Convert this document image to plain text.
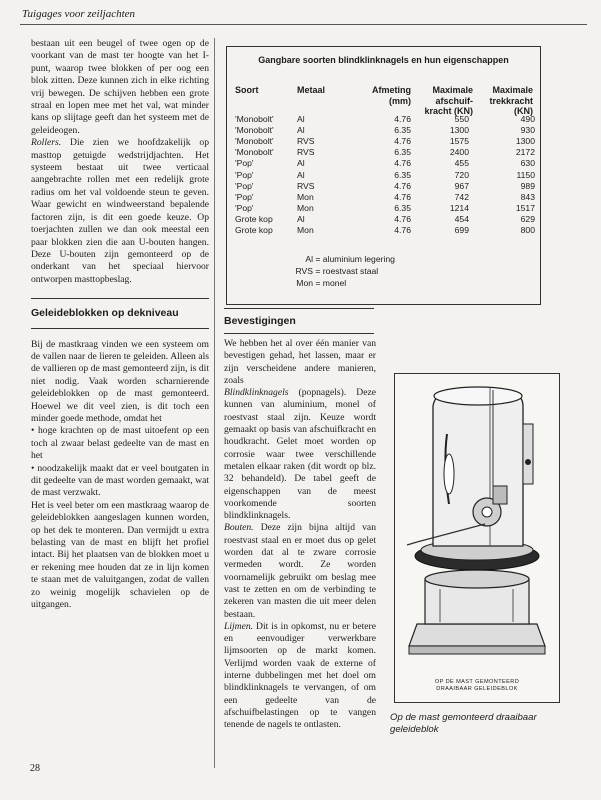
Tuigages voor zeiljachten

bestaan uit een beugel of twee ogen op de voorkant van de mast ter hoogte van het I-punt, waarop twee blokken of per oog een blok zitten. Deze kunnen zich in elke richting vrij bewegen. De schijven hebben een grote straal en lopen mee met het val, wat minder kans op slijtage geeft dan het systeem met de geleideogen.

Rollers. Die zien we hoofdzakelijk op masttop getuigde wedstrijdjachten. Het systeem bestaat uit twee verticaal aangebrachte rollen met een redelijk grote radius om het val voldoende steun te geven. Waar gewicht en windweerstand bepalende factoren zijn, is dit een goede keuze. Op toerjachten zullen we dan ook meestal een paar blokken zien die aan U-bouten hangen. Deze U-bouten zijn gemonteerd op de onderkant van het speciaal hiervoor ontworpen masttopbeslag.

Geleideblokken op dekniveau

Bij de mastkraag vinden we een systeem om de vallen naar de lieren te geleiden. Alleen als de vallieren op de mast gemonteerd zijn, is dit niet nodig. Vaak worden scharnierende geleideblokken op de mast gemonteerd. Hoewel we dit veel zien, is dit toch een minder goede methode, omdat het

• hoge krachten op de mast uitoefent op een toch al zwaar belast gedeelte van de mast en het

• noodzakelijk maakt dat er veel boutgaten in dit gedeelte van de mast worden gemaakt, wat de mast verzwakt.

Het is veel beter om een mastkraag waarop de geleideblokken aangeslagen kunnen worden, op het dek te monteren. Dan vermijdt u extra belasting van de mast en blijft het profiel intact. Bij het plaatsen van de blokken moet u er rekening mee houden dat ze in lijn komen te staan met de valuitgangen, zodat de vallen zo weinig mogelijk schavielen op de uitgangen.

Gangbare soorten blindklinknagels en hun eigenschappen
Soort	Metaal	Afmeting
(mm)
Maximale
afschuif-
kracht (KN)
Maximale
trekkracht
(KN)
'Monobolt'	Al	4.76	550	490
'Monobolt'	Al	6.35	1300	930
'Monobolt'	RVS	4.76	1575	1300
'Monobolt'	RVS	6.35	2400	2172
'Pop'	Al	4.76	455	630
'Pop'	Al	6.35	720	1150
'Pop'	RVS	4.76	967	989
'Pop'	Mon	4.76	742	843
'Pop'	Mon	6.35	1214	1517
Grote kop	Al	4.76	454	629
Grote kop	Mon	4.76	699	800
Al = aluminium legering
RVS = roestvast staal
Mon = monel
Bevestigingen

We hebben het al over één manier van bevestigen gehad, het lassen, maar er zijn verscheidene andere manieren, zoals

Blindklinknagels (popnagels). Deze kunnen van aluminium, monel of roestvast staal zijn. Keuze wordt gemaakt op basis van afschuifkracht en houdkracht. Gelet moet worden op corrosie waar twee verschillende metalen elkaar raken (dit wordt op blz. 32 behandeld). De tabel geeft de eigenschappen van de meest voorkomende soorten blindklinknagels.

Bouten. Deze zijn bijna altijd van roestvast staal en er moet dus op gelet worden dat al te zware corrosie vermeden wordt. Ze worden voornamelijk gebruikt om beslag mee vast te zetten en om de verbinding te zekeren van masten die uit meer delen bestaan.

Lijmen. Dit is in opkomst, nu er betere en eenvoudiger verwerkbare lijmsoorten op de markt komen. Verlijmd worden vaak de externe of interne dubbelingen met het doel om blindklinknagels te vervangen, of om een gedeelte van de afschuifbelastingen op te vangen tenende de nagels te ontlasten.

OP DE MAST GEMONTEERD
DRAAIBAAR GELEIDEBLOK
Op de mast gemonteerd draaibaar geleideblok
28
